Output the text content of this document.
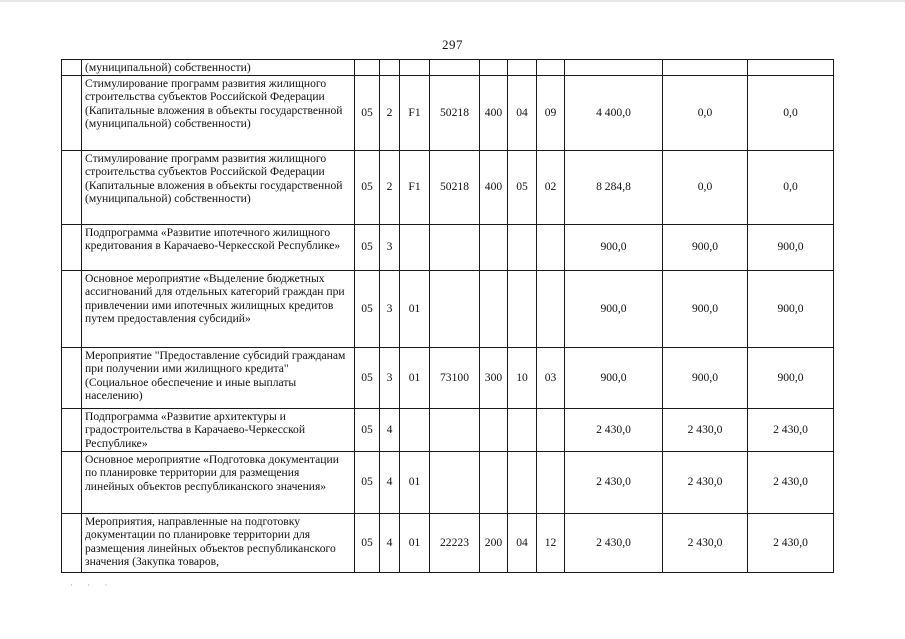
297
	(муниципальной) собственности)										
	Стимулирование программ развития жилищного строительства субъектов Российской Федерации (Капитальные вложения в объекты государственной (муниципальной) собственности)	05	2	F1	50218	400	04	09	4 400,0	0,0	0,0
	Стимулирование программ развития жилищного строительства субъектов Российской Федерации (Капитальные вложения в объекты государственной (муниципальной) собственности)	05	2	F1	50218	400	05	02	8 284,8	0,0	0,0
	Подпрограмма «Развитие ипотечного жилищного кредитования в Карачаево-Черкесской Республике»	05	3						900,0	900,0	900,0
	Основное мероприятие «Выделение бюджетных ассигнований для отдельных категорий граждан при привлечении ими ипотечных жилищных кредитов путем предоставления субсидий»	05	3	01					900,0	900,0	900,0
	Мероприятие "Предоставление субсидий гражданам при получении ими жилищного кредита" (Социальное обеспечение и иные выплаты населению)	05	3	01	73100	300	10	03	900,0	900,0	900,0
	Подпрограмма «Развитие архитектуры и градостроительства в Карачаево-Черкесской Республике»	05	4						2 430,0	2 430,0	2 430,0
	Основное мероприятие «Подготовка документации по планировке территории для размещения линейных объектов республиканского значения»	05	4	01					2 430,0	2 430,0	2 430,0
	Мероприятия, направленные на подготовку документации по планировке территории для размещения линейных объектов республиканского значения (Закупка товаров,	05	4	01	22223	200	04	12	2 430,0	2 430,0	2 430,0
· · ·
